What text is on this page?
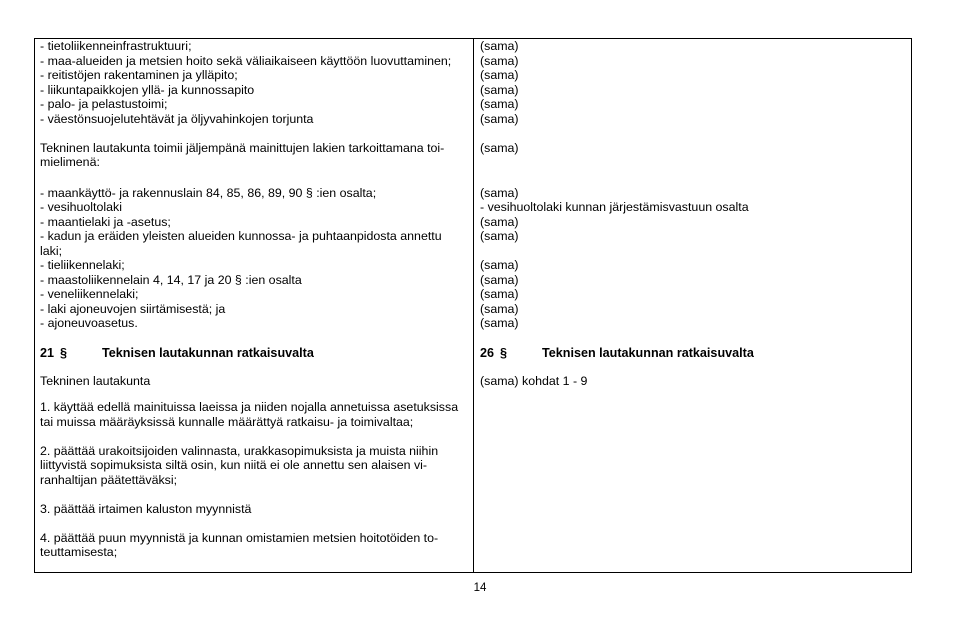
- tietoliikenneinfrastruktuuri;
- maa-alueiden ja metsien hoito sekä väliaikaiseen käyttöön luovuttaminen;
- reitistöjen rakentaminen ja ylläpito;
- liikuntapaikkojen yllä- ja kunnossapito
- palo- ja pelastustoimi;
- väestönsuojelutehtävät ja öljyvahinkojen torjunta
Tekninen lautakunta toimii jäljempänä mainittujen lakien tarkoittamana toi-
mielimenä:
- maankäyttö- ja rakennuslain 84, 85, 86, 89, 90 § :ien osalta;
- vesihuoltolaki
- maantielaki ja -asetus;
- kadun ja eräiden yleisten alueiden kunnossa- ja puhtaanpidosta annettu
laki;
- tieliikennelaki;
- maastoliikennelain 4, 14, 17 ja 20 § :ien osalta
- veneliikennelaki;
- laki ajoneuvojen siirtämisestä; ja
- ajoneuvoasetus.
21 §	Teknisen lautakunnan ratkaisuvalta
Tekninen lautakunta
1. käyttää edellä mainituissa laeissa ja niiden nojalla annetuissa asetuksissa
tai muissa määräyksissä kunnalle määrättyä ratkaisu- ja toimivaltaa;
2. päättää urakoitsijoiden valinnasta, urakkasopimuksista ja muista niihin
liittyvistä sopimuksista siltä osin, kun niitä ei ole annettu sen alaisen vi-
ranhaltijan päätettäväksi;
3. päättää irtaimen kaluston myynnistä
4. päättää puun myynnistä ja kunnan omistamien metsien hoitotöiden to-
teuttamisesta;
(sama)
(sama)
(sama)
(sama)
(sama)
(sama)
(sama)
(sama)
- vesihuoltolaki kunnan järjestämisvastuun osalta
(sama)
(sama)
(sama)
(sama)
(sama)
(sama)
(sama)
26 §	Teknisen lautakunnan ratkaisuvalta
(sama) kohdat 1 - 9
14
